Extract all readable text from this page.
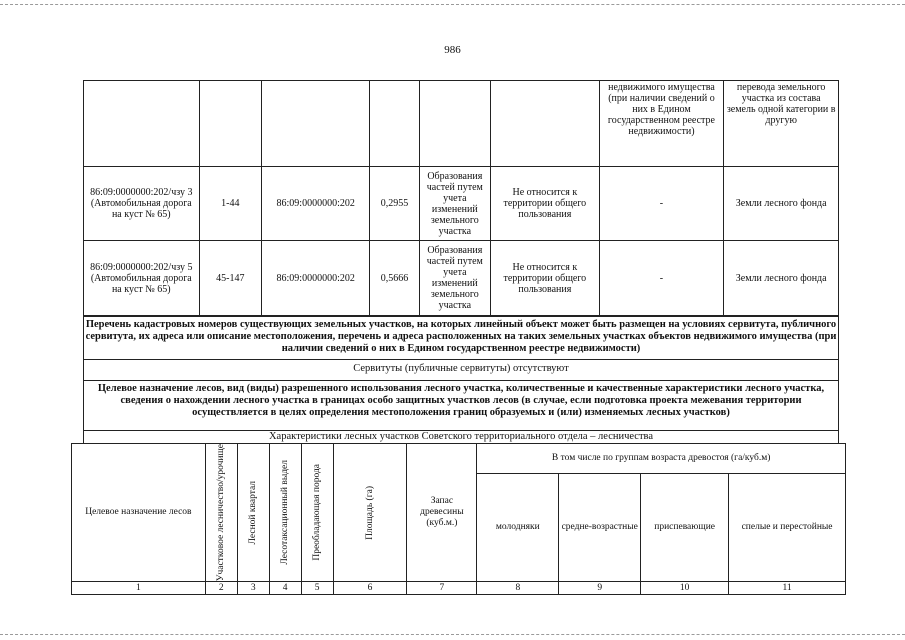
986
						недвижимого имущества (при наличии сведений о них в Едином государственном реестре недвижимости)	перевода земельного участка из состава земель одной категории в другую
86:09:0000000:202/чзу 3 (Автомобильная дорога на куст № 65)	1-44	86:09:0000000:202	0,2955	Образования частей путем учета изменений земельного участка	Не относится к территории общего пользования	-	Земли лесного фонда
86:09:0000000:202/чзу 5 (Автомобильная дорога на куст № 65)	45-147	86:09:0000000:202	0,5666	Образования частей путем учета изменений земельного участка	Не относится к территории общего пользования	-	Земли лесного фонда
Перечень кадастровых номеров существующих земельных участков, на которых линейный объект может быть размещен на условиях сервитута, публичного сервитута, их адреса или описание местоположения, перечень и адреса расположенных на таких земельных участках объектов недвижимого имущества (при наличии сведений о них в Едином государственном реестре недвижимости)
Сервитуты (публичные сервитуты) отсутствуют
Целевое назначение лесов, вид (виды) разрешенного использования лесного участка, количественные и качественные характеристики лесного участка, сведения о нахождении лесного участка в границах особо защитных участков лесов (в случае, если подготовка проекта межевания территории осуществляется в целях определения местоположения границ образуемых и (или) изменяемых лесных участков)
Характеристики лесных участков Советского территориального отдела – лесничества
Целевое назначение лесов	Участковое лесничество/урочище	Лесной квартал	Лесотаксационный выдел	Преобладающая порода	Площадь (га)	Запас древесины (куб.м.)	В том числе по группам возраста древостоя (га/куб.м)			
							молодняки	средне-возрастные	приспевающие	спелые и перестойные
1	2	3	4	5	6	7	8	9	10	11
